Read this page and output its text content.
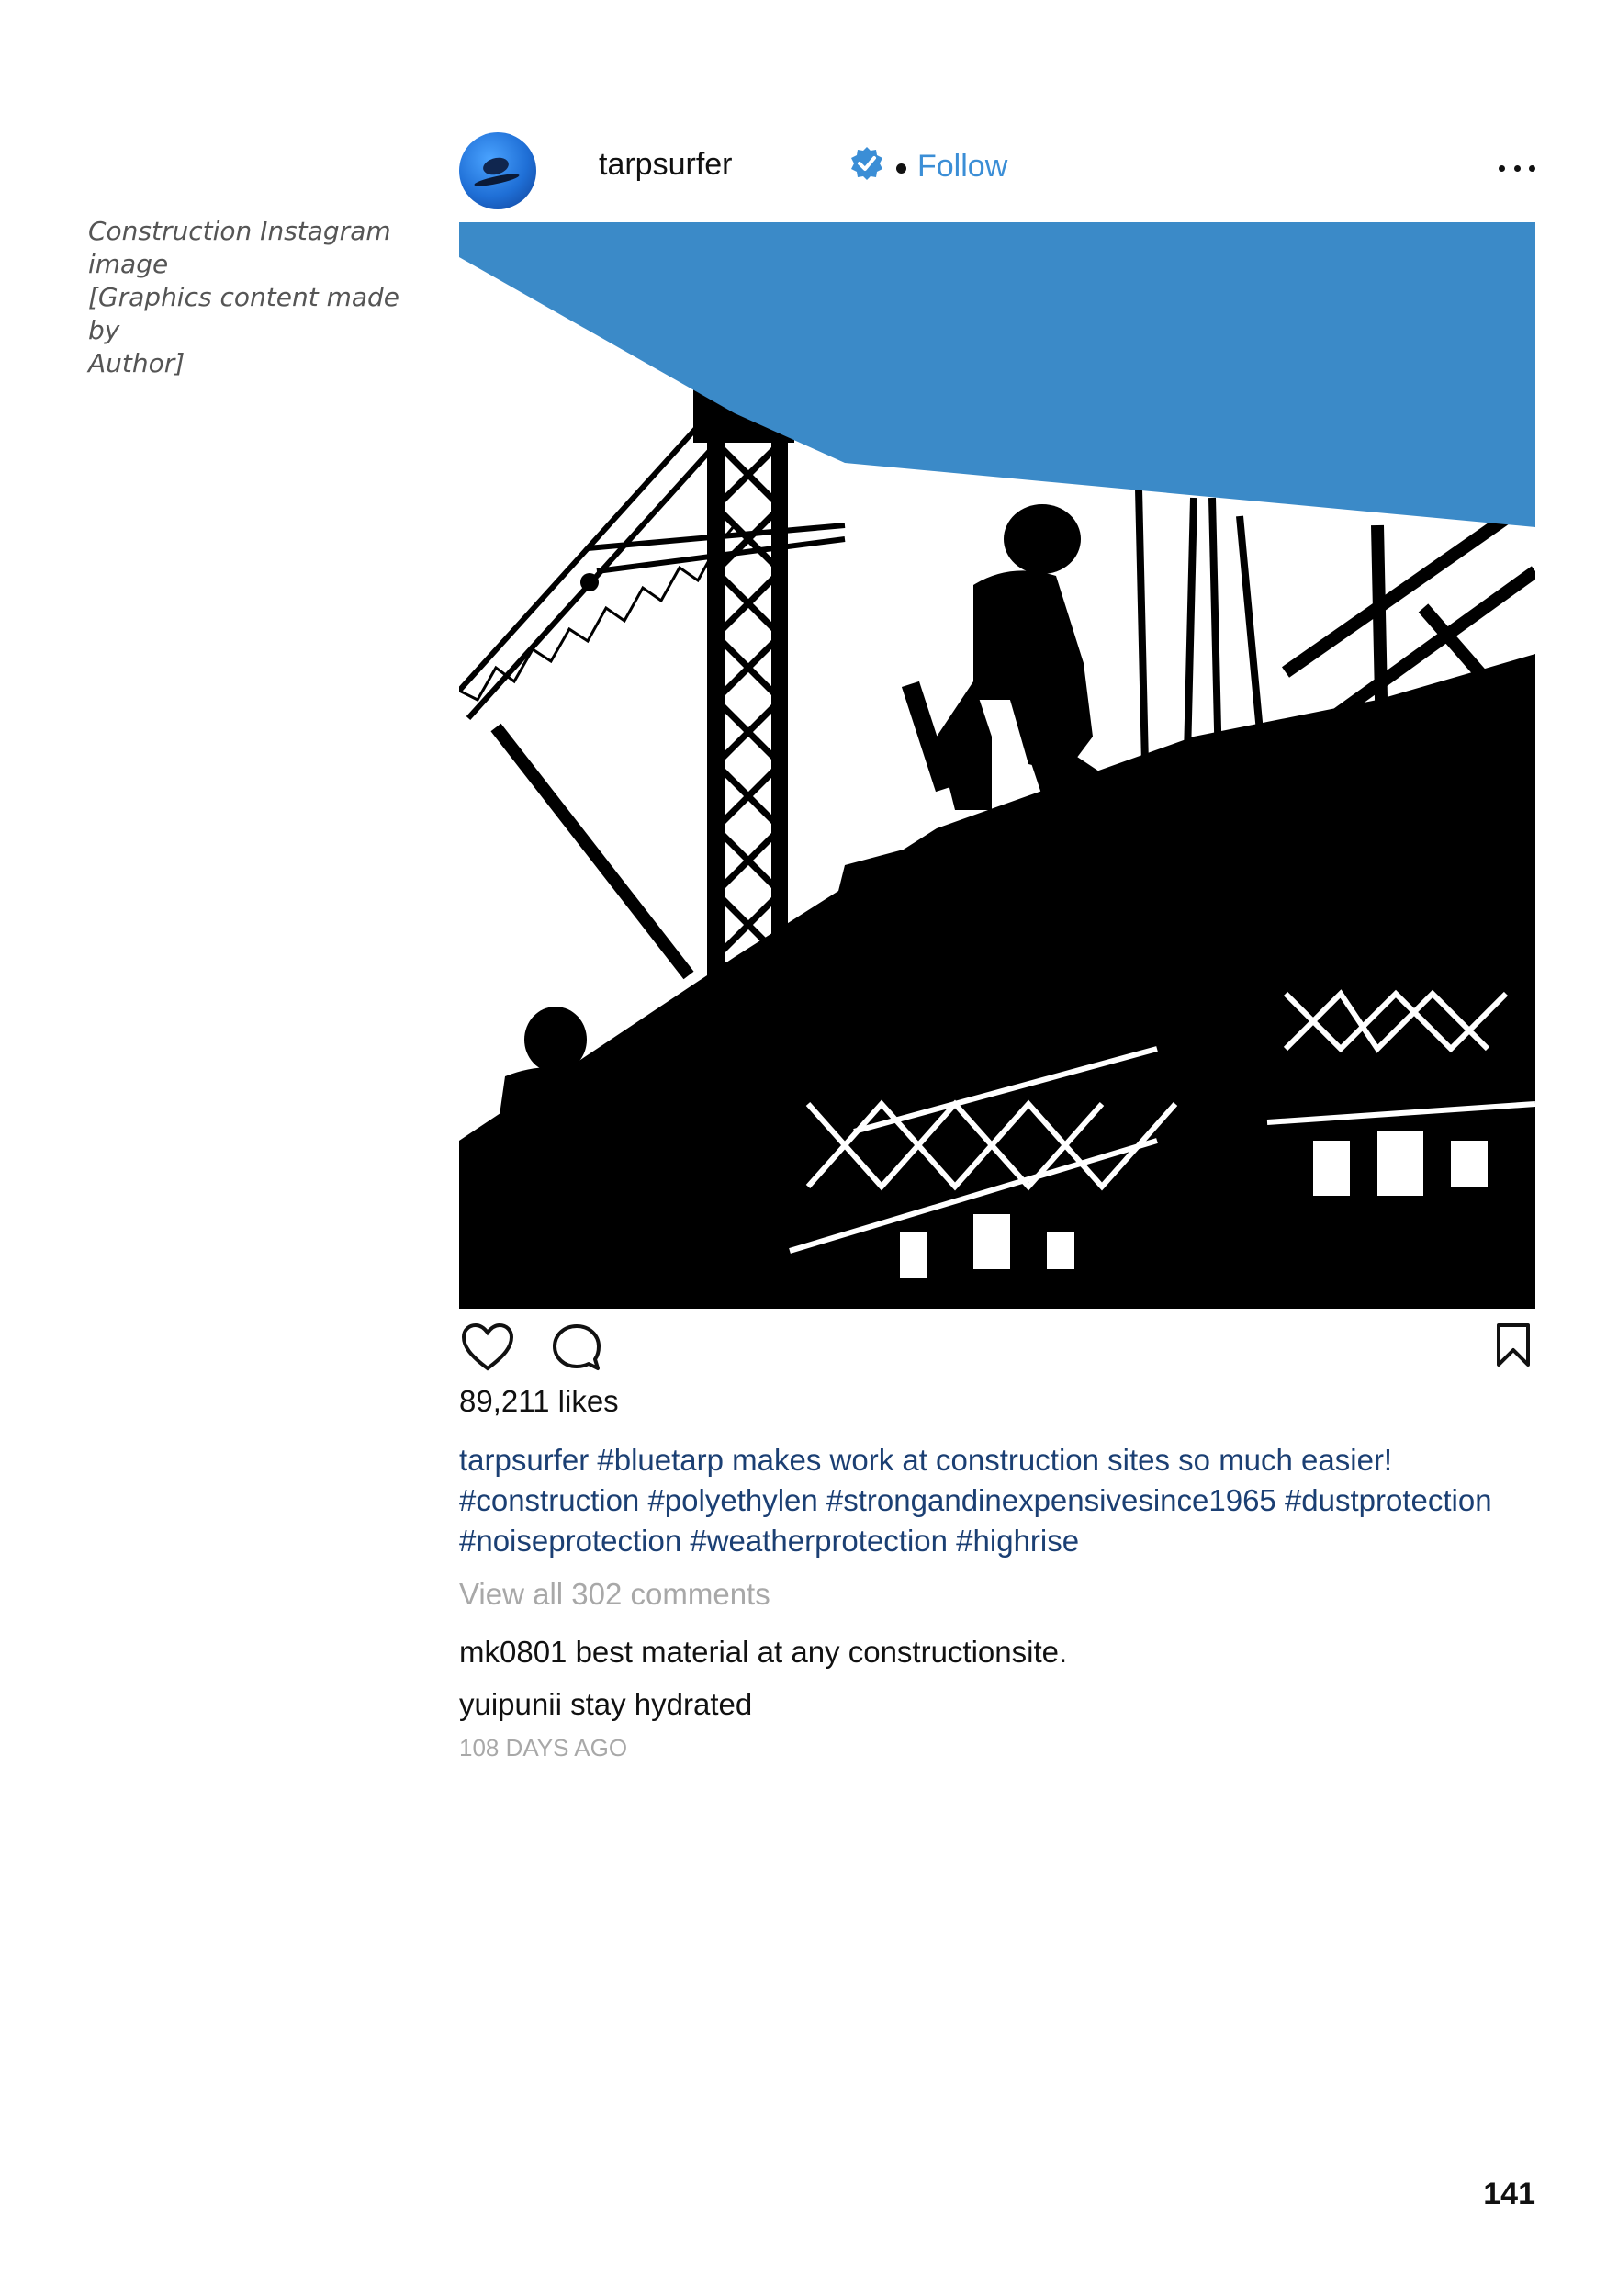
Construction Instagram
image
[Graphics content made by
Author]
tarpsurfer	Follow
89,211 likes
tarpsurfer #bluetarp makes work at construction sites so much easier!
#construction #polyethylen #strongandinexpensivesince1965 #dustprotection
#noiseprotection #weatherprotection #highrise
View all 302 comments
mk0801 best material at any constructionsite.
yuipunii stay hydrated
108 DAYS AGO
141
